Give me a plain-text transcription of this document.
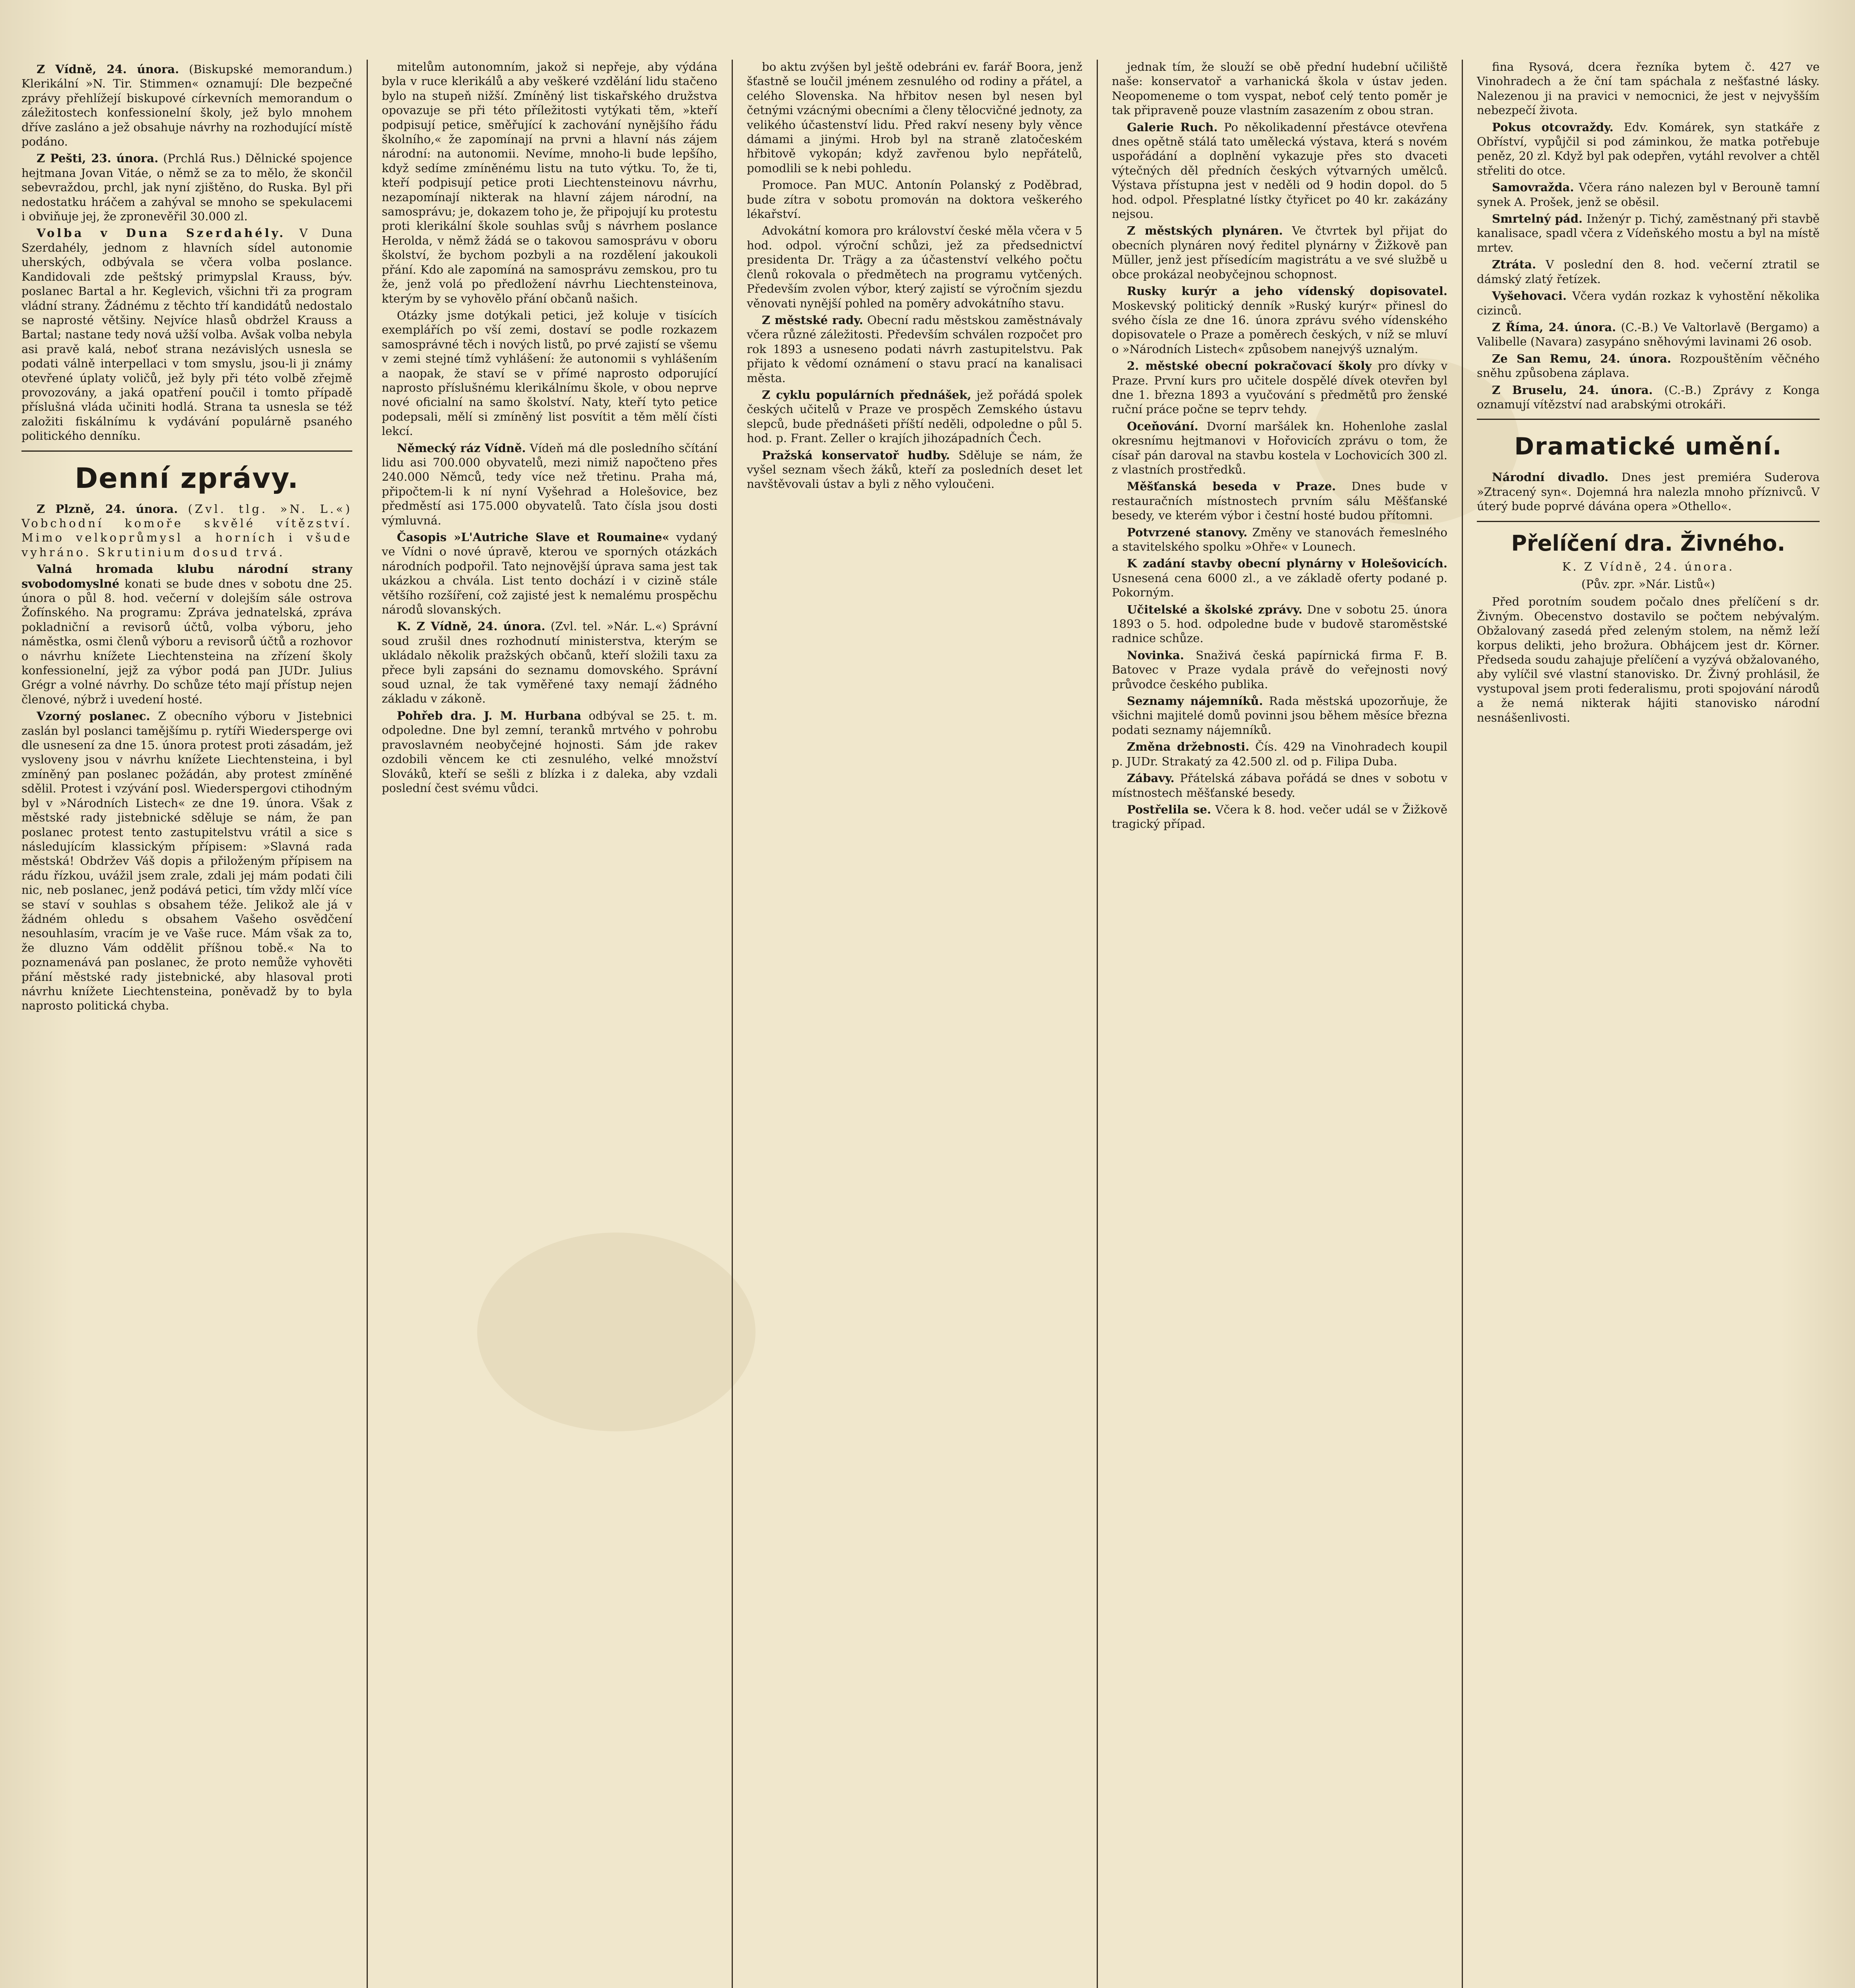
Z Vídně, 24. února. (Biskupské memorandum.) Klerikální »N. Tir. Stimmen« oznamují: Dle bezpečné zprávy přehlížejí biskupové církevních memorandum o záležitostech konfessionelní školy, jež bylo mnohem dříve zasláno a jež obsahuje návrhy na rozhodující místě podáno.

Z Pešti, 23. února. (Prchlá Rus.) Dělnické spojence hejtmana Jovan Vitáe, o němž se za to mělo, že skončil sebevraždou, prchl, jak nyní zjištěno, do Ruska. Byl při nedostatku hráčem a zahýval se mnoho se spekulacemi i obviňuje jej, že zpronevěřil 30.000 zl.

Volba v Duna Szerdahély. V Duna Szerdahély, jednom z hlavních sídel autonomie uherských, odbývala se včera volba poslance. Kandidovali zde peštský primypslal Krauss, býv. poslanec Bartal a hr. Keglevich, všichni tři za program vládní strany. Žádnému z těchto tří kandidátů nedostalo se naprosté většiny. Nejvíce hlasů obdržel Krauss a Bartal; nastane tedy nová užší volba. Avšak volba nebyla asi pravě kalá, neboť strana nezávislých usnesla se podati válně interpellaci v tom smyslu, jsou-li ji známy otevřené úplaty voličů, jež byly při této volbě zřejmě provozovány, a jaká opatření poučil i tomto případě příslušná vláda učiniti hodlá. Strana ta usnesla se též založiti fiskálnímu k vydávání populárně psaného politického denníku.

Denní zprávy.

Z Plzně, 24. února. (Zvl. tlg. »N. L.«) Vobchodní komoře skvělé vítězství. Mimo velkoprůmysl a horních i všude vyhráno. Skrutinium dosud trvá.

Valná hromada klubu národní strany svobodomyslné konati se bude dnes v sobotu dne 25. února o půl 8. hod. večerní v dolejším sále ostrova Žofínského. Na programu: Zpráva jednatelská, zpráva pokladniční a revisorů účtů, volba výboru, jeho náměstka, osmi členů výboru a revisorů účtů a rozhovor o návrhu knížete Liechtensteina na zřízení školy konfessionelní, jejž za výbor podá pan JUDr. Julius Grégr a volné návrhy. Do schůze této mají přístup nejen členové, nýbrž i uvedení hosté.

Vzorný poslanec. Z obecního výboru v Jistebnici zaslán byl poslanci tamějšímu p. rytíři Wiedersperge ovi dle usnesení za dne 15. února protest proti zásadám, jež vysloveny jsou v návrhu knížete Liechtensteina, i byl zmíněný pan poslanec požádán, aby protest zmíněné sdělil. Protest i vzývání posl. Wiederspergovi ctihodným byl v »Národních Listech« ze dne 19. února. Však z městské rady jistebnické sděluje se nám, že pan poslanec protest tento zastupitelstvu vrátil a sice s následujícím klassickým přípisem: »Slavná rada městská! Obdržev Váš dopis a přiloženým přípisem na rádu řízkou, uvážil jsem zrale, zdali jej mám podati čili nic, neb poslanec, jenž podává petici, tím vždy mlčí více se staví v souhlas s obsahem téže. Jelikož ale já v žádném ohledu s obsahem Vašeho osvědčení nesouhlasím, vracím je ve Vaše ruce. Mám však za to, že dluzno Vám oddělit příšnou tobě.« Na to poznamenává pan poslanec, že proto nemůže vyhověti přání městské rady jistebnické, aby hlasoval proti návrhu knížete Liechtensteina, poněvadž by to byla naprosto politická chyba.

mitelům autonomním, jakož si nepřeje, aby výdána byla v ruce klerikálů a aby veškeré vzdělání lidu stačeno bylo na stupeň nižší. Zmíněný list tiskařského družstva opovazuje se při této příležitosti vytýkati těm, »kteří podpisují petice, směřující k zachování nynějšího řádu školního,« že zapomínají na prvni a hlavní nás zájem národní: na autonomii. Nevíme, mnoho-li bude lepšího, když sedíme zmíněnému listu na tuto výtku. To, že ti, kteří podpisují petice proti Liechtensteinovu návrhu, nezapomínají nikterak na hlavní zájem národní, na samosprávu; je, dokazem toho je, že připojují ku protestu proti klerikální škole souhlas svůj s návrhem poslance Herolda, v němž žádá se o takovou samosprávu v oboru školství, že bychom pozbyli a na rozdělení jakoukoli přání. Kdo ale zapomíná na samosprávu zemskou, pro tu že, jenž volá po předložení návrhu Liechtensteinova, kterým by se vyhovělo přání občanů našich.

Otázky jsme dotýkali petici, jež koluje v tisících exemplářích po vší zemi, dostaví se podle rozkazem samosprávné těch i nových listů, po prvé zajistí se všemu v zemi stejné tímž vyhlášení: že autonomii s vyhlášením a naopak, že staví se v přímé naprosto odporující naprosto příslušnému klerikálnímu škole, v obou neprve nové oficialní na samo školství. Naty, kteří tyto petice podepsali, mělí si zmíněný list posvítit a těm mělí čísti lekcí.

Německý ráz Vídně. Vídeň má dle posledního sčítání lidu asi 700.000 obyvatelů, mezi nimiž napočteno přes 240.000 Němců, tedy více než třetinu. Praha má, připočtem-li k ní nyní Vyšehrad a Holešovice, bez předměstí asi 175.000 obyvatelů. Tato čísla jsou dosti výmluvná.

Časopis »L'Autriche Slave et Roumaine« vydaný ve Vídni o nové úpravě, kterou ve sporných otázkách národních podpořil. Tato nejnovější úprava sama jest tak ukázkou a chvála. List tento dochází i v cizině stále většího rozšíření, což zajisté jest k nemalému prospěchu národů slovanských.

K. Z Vídně, 24. února. (Zvl. tel. »Nár. L.«) Správní soud zrušil dnes rozhodnutí ministerstva, kterým se ukládalo několik pražských občanů, kteří složili taxu za přece byli zapsáni do seznamu domovského. Správní soud uznal, že tak vyměřené taxy nemají žádného základu v zákoně.

Pohřeb dra. J. M. Hurbana odbýval se 25. t. m. odpoledne. Dne byl zemní, teranků mrtvého v pohrobu pravoslavném neobyčejné hojnosti. Sám jde rakev ozdobili věncem ke cti zesnulého, velké množství Slováků, kteří se sešli z blízka i z daleka, aby vzdali poslední čest svému vůdci.

bo aktu zvýšen byl ještě odebráni ev. farář Boora, jenž šťastně se loučil jménem zesnulého od rodiny a přátel, a celého Slovenska. Na hřbitov nesen byl nesen byl četnými vzácnými obecními a členy tělocvičné jednoty, za velikého účastenství lidu. Před rakví neseny byly věnce dámami a jinými. Hrob byl na straně zlatočeském hřbitově vykopán; když zavřenou bylo nepřátelů, pomodlili se k nebi pohledu.

Promoce. Pan MUC. Antonín Polanský z Poděbrad, bude zítra v sobotu promován na doktora veškerého lékařství.

Advokátní komora pro království české měla včera v 5 hod. odpol. výroční schůzi, jež za předsednictví presidenta Dr. Trägy a za účastenství velkého počtu členů rokovala o předmětech na programu vytčených. Především zvolen výbor, který zajistí se výročním sjezdu věnovati nynější pohled na poměry advokátního stavu.

Z městské rady. Obecní radu městskou zaměstnávaly včera různé záležitosti. Především schválen rozpočet pro rok 1893 a usneseno podati návrh zastupitelstvu. Pak přijato k vědomí oznámení o stavu prací na kanalisaci města.

Z cyklu populárních přednášek, jež pořádá spolek českých učitelů v Praze ve prospěch Zemského ústavu slepců, bude přednášeti příští neděli, odpoledne o půl 5. hod. p. Frant. Zeller o krajích jihozápadních Čech.

Pražská konservatoř hudby. Sděluje se nám, že vyšel seznam všech žáků, kteří za posledních deset let navštěvovali ústav a byli z něho vyloučeni.

jednak tím, že slouží se obě přední hudební učiliště naše: konservatoř a varhanická škola v ústav jeden. Neopomeneme o tom vyspat, neboť celý tento poměr je tak připraveně pouze vlastním zasazením z obou stran.

Galerie Ruch. Po několikadenní přestávce otevřena dnes opětně stálá tato umělecká výstava, která s novém uspořádání a doplnění vykazuje přes sto dvaceti výtečných děl předních českých výtvarných umělců. Výstava přístupna jest v neděli od 9 hodin dopol. do 5 hod. odpol. Přesplatné lístky čtyřicet po 40 kr. zakázány nejsou.

Z městských plynáren. Ve čtvrtek byl přijat do obecních plynáren nový ředitel plynárny v Žižkově pan Müller, jenž jest přísedícím magistrátu a ve své službě u obce prokázal neobyčejnou schopnost.

Rusky kurýr a jeho vídenský dopisovatel. Moskevský politický denník »Ruský kurýr« přinesl do svého čísla ze dne 16. února zprávu svého vídenského dopisovatele o Praze a poměrech českých, v níž se mluví o »Národních Listech« způsobem nanejvýš uznalým.

2. městské obecní pokračovací školy pro dívky v Praze. První kurs pro učitele dospělé dívek otevřen byl dne 1. března 1893 a vyučování s předmětů pro ženské ruční práce počne se teprv tehdy.

Oceňování. Dvorní maršálek kn. Hohenlohe zaslal okresnímu hejtmanovi v Hořovicích zprávu o tom, že císař pán daroval na stavbu kostela v Lochovicích 300 zl. z vlastních prostředků.

Měšťanská beseda v Praze. Dnes bude v restauračních místnostech prvním sálu Měšťanské besedy, ve kterém výbor i čestní hosté budou přítomni.

Potvrzené stanovy. Změny ve stanovách řemeslného a stavitelského spolku »Ohře« v Lounech.

K zadání stavby obecní plynárny v Holešovicích. Usnesená cena 6000 zl., a ve základě oferty podané p. Pokorným.

Učitelské a školské zprávy. Dne v sobotu 25. února 1893 o 5. hod. odpoledne bude v budově staroměstské radnice schůze.

Novinka. Snaživá česká papírnická firma F. B. Batovec v Praze vydala právě do veřejnosti nový průvodce českého publika.

Seznamy nájemníků. Rada městská upozorňuje, že všichni majitelé domů povinni jsou během měsíce března podati seznamy nájemníků.

Změna držebnosti. Čís. 429 na Vinohradech koupil p. JUDr. Strakatý za 42.500 zl. od p. Filipa Duba.

Zábavy. Přátelská zábava pořádá se dnes v sobotu v místnostech měšťanské besedy.

Postřelila se. Včera k 8. hod. večer udál se v Žižkově tragický případ.

fina Rysová, dcera řezníka bytem č. 427 ve Vinohradech a že ční tam spáchala z nešťastné lásky. Nalezenou ji na pravici v nemocnici, že jest v nejvyšším nebezpečí života.

Pokus otcovraždy. Edv. Komárek, syn statkáře z Obříství, vypůjčil si pod záminkou, že matka potřebuje peněz, 20 zl. Když byl pak odepřen, vytáhl revolver a chtěl střeliti do otce.

Samovražda. Včera ráno nalezen byl v Berouně tamní synek A. Prošek, jenž se oběsil.

Smrtelný pád. Inženýr p. Tichý, zaměstnaný při stavbě kanalisace, spadl včera z Vídeňského mostu a byl na místě mrtev.

Ztráta. V poslední den 8. hod. večerní ztratil se dámský zlatý řetízek.

Vyšehovaci. Včera vydán rozkaz k vyhostění několika cizinců.

Z Říma, 24. února. (C.-B.) Ve Valtorlavě (Bergamo) a Valibelle (Navara) zasypáno sněhovými lavinami 26 osob.

Ze San Remu, 24. února. Rozpouštěním věčného sněhu způsobena záplava.

Z Bruselu, 24. února. (C.-B.) Zprávy z Konga oznamují vítězství nad arabskými otrokáři.

Dramatické umění.

Národní divadlo. Dnes jest premiéra Suderova »Ztracený syn«. Dojemná hra nalezla mnoho příznivců. V úterý bude poprvé dávána opera »Othello«.

Přelíčení dra. Živného.

K. Z Vídně, 24. února.

(Pův. zpr. »Nár. Listů«)

Před porotním soudem počalo dnes přelíčení s dr. Živným. Obecenstvo dostavilo se počtem nebývalým. Obžalovaný zasedá před zeleným stolem, na němž leží korpus delikti, jeho brožura. Obhájcem jest dr. Körner. Předseda soudu zahajuje přelíčení a vyzývá obžalovaného, aby vylíčil své vlastní stanovisko. Dr. Živný prohlásil, že vystupoval jsem proti federalismu, proti spojování národů a že nemá nikterak hájiti stanovisko národní nesnášenlivosti.
